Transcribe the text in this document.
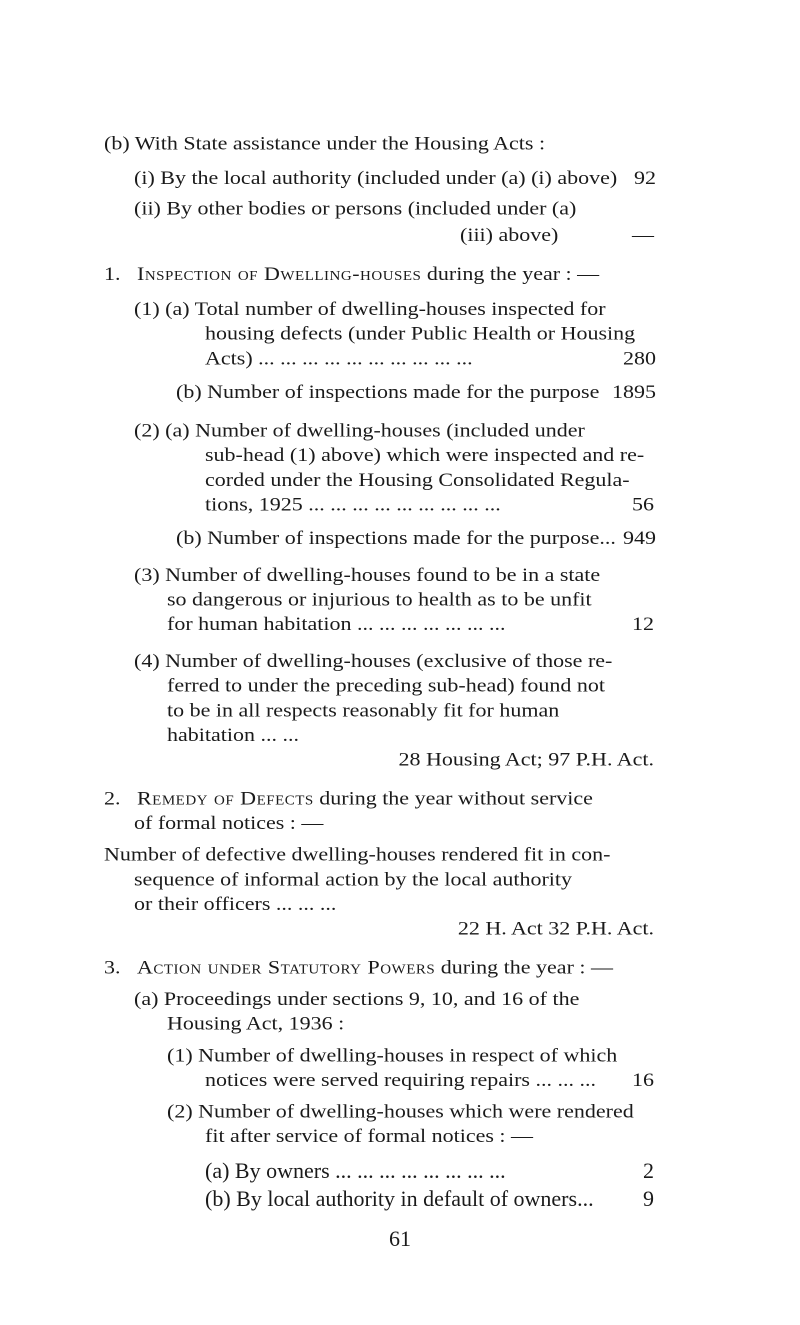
(b) With State assistance under the Housing Acts :
(i) By the local authority (included under (a) (i) above) 92
(ii) By other bodies or persons (included under (a)
(iii) above)	—
1. Inspection of Dwelling-houses during the year : —
(1) (a) Total number of dwelling-houses inspected for
housing defects (under Public Health or Housing
Acts) ... ... ... ... ... ... ... ... ... ...	280
(b) Number of inspections made for the purpose 1895
(2) (a) Number of dwelling-houses (included under
sub-head (1) above) which were inspected and re-
corded under the Housing Consolidated Regula-
tions, 1925 ... ... ... ... ... ... ... ... ...	56
(b) Number of inspections made for the purpose... 949
(3) Number of dwelling-houses found to be in a state
so dangerous or injurious to health as to be unfit
for human habitation ... ... ... ... ... ... ...	12
(4) Number of dwelling-houses (exclusive of those re-
ferred to under the preceding sub-head) found not
to be in all respects reasonably fit for human
habitation ... ...
28 Housing Act; 97 P.H. Act.
2. Remedy of Defects during the year without service
of formal notices : —
Number of defective dwelling-houses rendered fit in con-
sequence of informal action by the local authority
or their officers ... ... ...
22 H. Act 32 P.H. Act.
3. Action under Statutory Powers during the year : —
(a) Proceedings under sections 9, 10, and 16 of the
Housing Act, 1936 :
(1) Number of dwelling-houses in respect of which
notices were served requiring repairs ... ... ... 16
(2) Number of dwelling-houses which were rendered
fit after service of formal notices : —
(a) By owners ... ... ... ... ... ... ... ...	2
(b) By local authority in default of owners... 9
61
